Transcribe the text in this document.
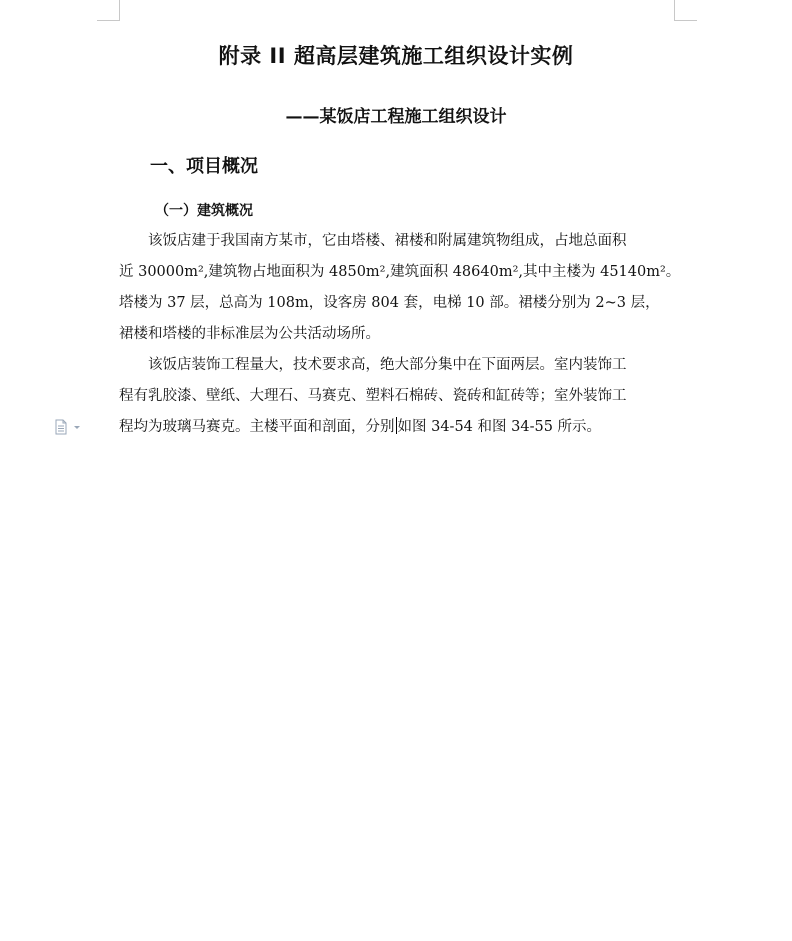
附录 II 超高层建筑施工组织设计实例
——某饭店工程施工组织设计
一、项目概况
（一）建筑概况
该饭店建于我国南方某市，它由塔楼、裙楼和附属建筑物组成，占地总面积
近 30000m²,建筑物占地面积为 4850m²,建筑面积 48640m²,其中主楼为 45140m²。
塔楼为 37 层，总高为 108m，设客房 804 套，电梯 10 部。裙楼分别为 2~3 层，
裙楼和塔楼的非标准层为公共活动场所。
该饭店装饰工程量大，技术要求高，绝大部分集中在下面两层。室内装饰工
程有乳胶漆、壁纸、大理石、马赛克、塑料石棉砖、瓷砖和缸砖等；室外装饰工
程均为玻璃马赛克。主楼平面和剖面，分别 如图 34-54 和图 34-55 所示。
